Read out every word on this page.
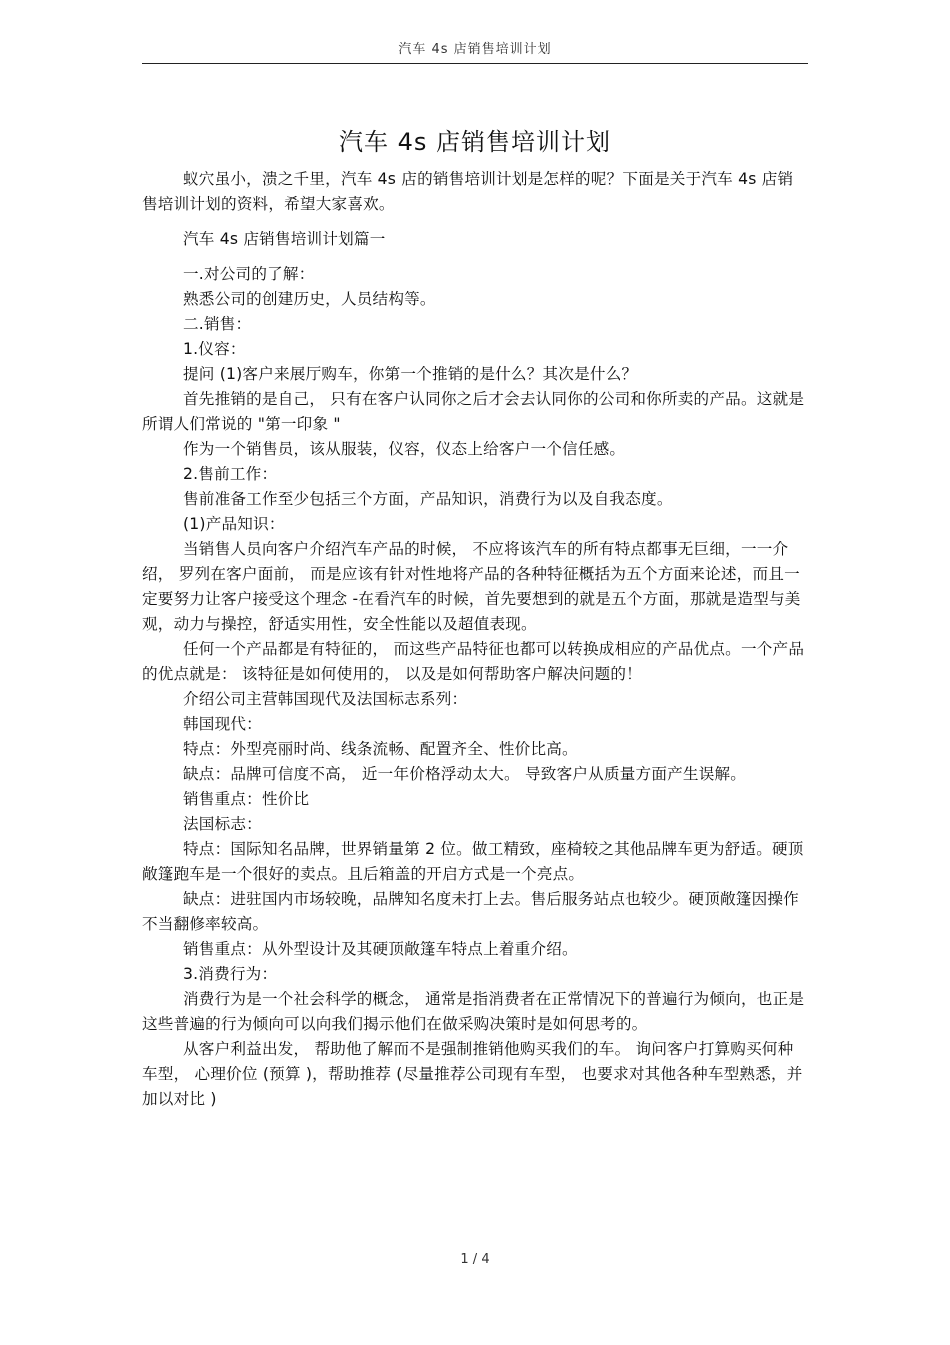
汽车 4s 店销售培训计划
汽车 4s 店销售培训计划

蚁穴虽小，溃之千里，汽车 4s 店的销售培训计划是怎样的呢？下面是关于汽车 4s 店销售培训计划的资料，希望大家喜欢。

汽车 4s 店销售培训计划篇一

一.对公司的了解：

熟悉公司的创建历史，人员结构等。

二.销售：

1.仪容：

提问 (1)客户来展厅购车，你第一个推销的是什么？其次是什么？

首先推销的是自己， 只有在客户认同你之后才会去认同你的公司和你所卖的产品。这就是所谓人们常说的 "第一印象 "

作为一个销售员，该从服装，仪容，仪态上给客户一个信任感。

2.售前工作：

售前准备工作至少包括三个方面，产品知识，消费行为以及自我态度。

(1)产品知识：

当销售人员向客户介绍汽车产品的时候， 不应将该汽车的所有特点都事无巨细，一一介绍， 罗列在客户面前， 而是应该有针对性地将产品的各种特征概括为五个方面来论述，而且一定要努力让客户接受这个理念 -在看汽车的时候，首先要想到的就是五个方面，那就是造型与美观，动力与操控，舒适实用性，安全性能以及超值表现。

任何一个产品都是有特征的， 而这些产品特征也都可以转换成相应的产品优点。一个产品的优点就是： 该特征是如何使用的， 以及是如何帮助客户解决问题的！

介绍公司主营韩国现代及法国标志系列：

韩国现代：

特点：外型亮丽时尚、线条流畅、配置齐全、性价比高。

缺点：品牌可信度不高， 近一年价格浮动太大。 导致客户从质量方面产生误解。

销售重点：性价比

法国标志：

特点：国际知名品牌，世界销量第 2 位。做工精致，座椅较之其他品牌车更为舒适。硬顶敞篷跑车是一个很好的卖点。且后箱盖的开启方式是一个亮点。

缺点：进驻国内市场较晚，品牌知名度未打上去。售后服务站点也较少。硬顶敞篷因操作不当翻修率较高。

销售重点：从外型设计及其硬顶敞篷车特点上着重介绍。

3.消费行为：

消费行为是一个社会科学的概念， 通常是指消费者在正常情况下的普遍行为倾向，也正是这些普遍的行为倾向可以向我们揭示他们在做采购决策时是如何思考的。

从客户利益出发， 帮助他了解而不是强制推销他购买我们的车。 询问客户打算购买何种车型， 心理价位 (预算 )，帮助推荐 (尽量推荐公司现有车型， 也要求对其他各种车型熟悉，并加以对比 )

1 / 4
